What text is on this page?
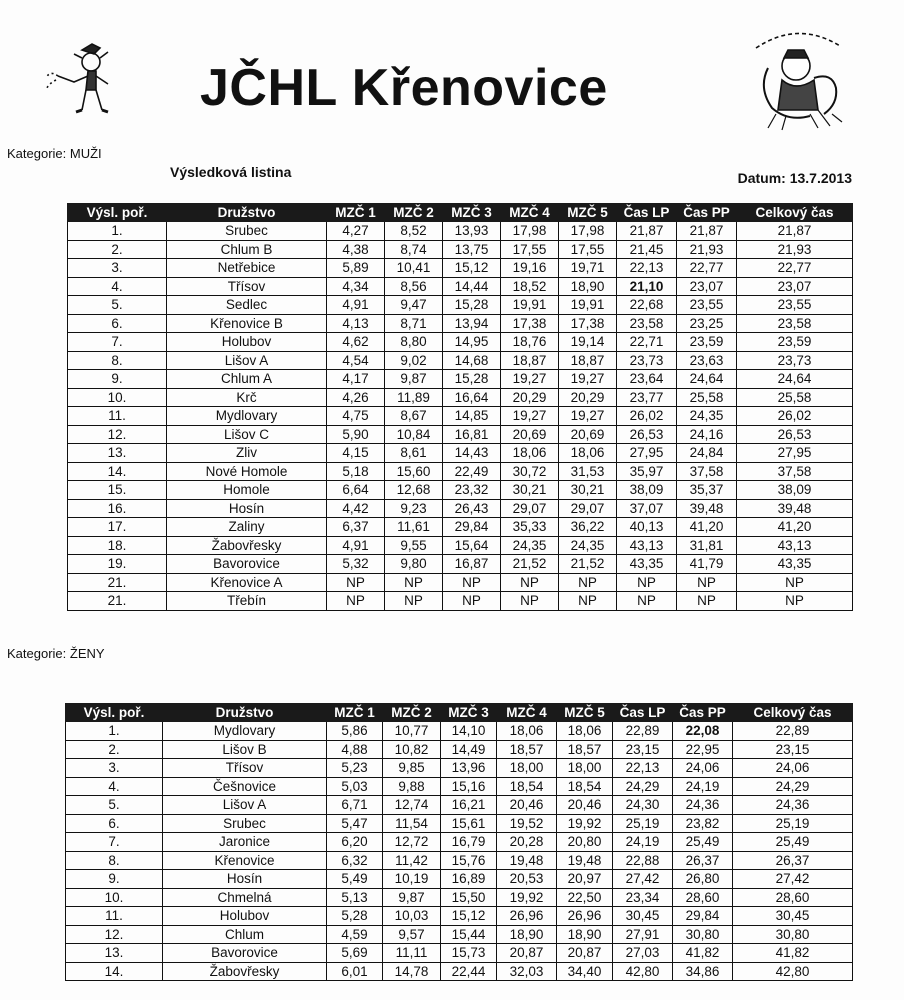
JČHL Křenovice
Kategorie: MUŽI
Výsledková listina	Datum: 13.7.2013
Výsl. poř.	Družstvo	MZČ 1	MZČ 2	MZČ 3	MZČ 4	MZČ 5	Čas LP	Čas PP	Celkový čas
1.	Srubec	4,27	8,52	13,93	17,98	17,98	21,87	21,87	21,87
2.	Chlum B	4,38	8,74	13,75	17,55	17,55	21,45	21,93	21,93
3.	Netřebice	5,89	10,41	15,12	19,16	19,71	22,13	22,77	22,77
4.	Třísov	4,34	8,56	14,44	18,52	18,90	21,10	23,07	23,07
5.	Sedlec	4,91	9,47	15,28	19,91	19,91	22,68	23,55	23,55
6.	Křenovice B	4,13	8,71	13,94	17,38	17,38	23,58	23,25	23,58
7.	Holubov	4,62	8,80	14,95	18,76	19,14	22,71	23,59	23,59
8.	Lišov A	4,54	9,02	14,68	18,87	18,87	23,73	23,63	23,73
9.	Chlum A	4,17	9,87	15,28	19,27	19,27	23,64	24,64	24,64
10.	Krč	4,26	11,89	16,64	20,29	20,29	23,77	25,58	25,58
11.	Mydlovary	4,75	8,67	14,85	19,27	19,27	26,02	24,35	26,02
12.	Lišov C	5,90	10,84	16,81	20,69	20,69	26,53	24,16	26,53
13.	Zliv	4,15	8,61	14,43	18,06	18,06	27,95	24,84	27,95
14.	Nové Homole	5,18	15,60	22,49	30,72	31,53	35,97	37,58	37,58
15.	Homole	6,64	12,68	23,32	30,21	30,21	38,09	35,37	38,09
16.	Hosín	4,42	9,23	26,43	29,07	29,07	37,07	39,48	39,48
17.	Zaliny	6,37	11,61	29,84	35,33	36,22	40,13	41,20	41,20
18.	Žabovřesky	4,91	9,55	15,64	24,35	24,35	43,13	31,81	43,13
19.	Bavorovice	5,32	9,80	16,87	21,52	21,52	43,35	41,79	43,35
21.	Křenovice A	NP	NP	NP	NP	NP	NP	NP	NP
21.	Třebín	NP	NP	NP	NP	NP	NP	NP	NP
Kategorie: ŽENY
Výsl. poř.	Družstvo	MZČ 1	MZČ 2	MZČ 3	MZČ 4	MZČ 5	Čas LP	Čas PP	Celkový čas
1.	Mydlovary	5,86	10,77	14,10	18,06	18,06	22,89	22,08	22,89
2.	Lišov B	4,88	10,82	14,49	18,57	18,57	23,15	22,95	23,15
3.	Třísov	5,23	9,85	13,96	18,00	18,00	22,13	24,06	24,06
4.	Češnovice	5,03	9,88	15,16	18,54	18,54	24,29	24,19	24,29
5.	Lišov A	6,71	12,74	16,21	20,46	20,46	24,30	24,36	24,36
6.	Srubec	5,47	11,54	15,61	19,52	19,92	25,19	23,82	25,19
7.	Jaronice	6,20	12,72	16,79	20,28	20,80	24,19	25,49	25,49
8.	Křenovice	6,32	11,42	15,76	19,48	19,48	22,88	26,37	26,37
9.	Hosín	5,49	10,19	16,89	20,53	20,97	27,42	26,80	27,42
10.	Chmelná	5,13	9,87	15,50	19,92	22,50	23,34	28,60	28,60
11.	Holubov	5,28	10,03	15,12	26,96	26,96	30,45	29,84	30,45
12.	Chlum	4,59	9,57	15,44	18,90	18,90	27,91	30,80	30,80
13.	Bavorovice	5,69	11,11	15,73	20,87	20,87	27,03	41,82	41,82
14.	Žabovřesky	6,01	14,78	22,44	32,03	34,40	42,80	34,86	42,80
